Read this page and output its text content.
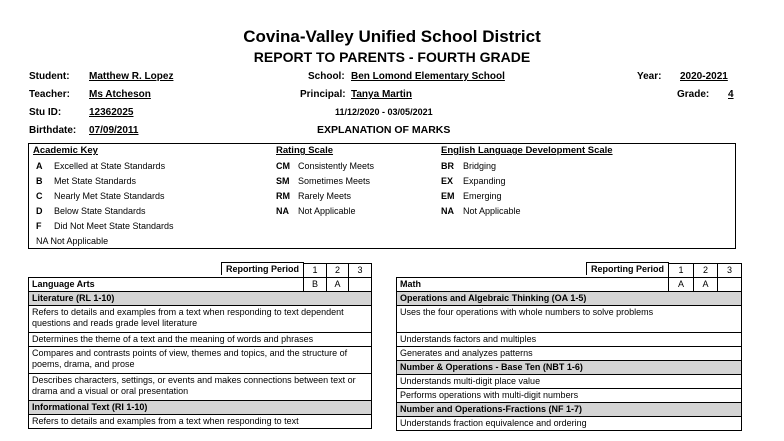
Covina-Valley Unified School District
REPORT TO PARENTS - FOURTH GRADE
Student: Matthew R. Lopez
Teacher: Ms Atcheson
Stu ID:	12362025
Birthdate: 07/09/2011
School: Ben Lomond Elementary School
Principal: Tanya Martin
11/12/2020 - 03/05/2021
EXPLANATION OF MARKS
Year: 2020-2021
Grade: 4
Academic Key
A Excelled at State Standards
B Met State Standards
C Nearly Met State Standards
D Below State Standards
F Did Not Meet State Standards
NA Not Applicable
Rating Scale
CM Consistently Meets
SM Sometimes Meets
RM Rarely Meets
NA Not Applicable
English Language Development Scale
BR Bridging
EX Expanding
EM Emerging
NA Not Applicable
Reporting Period	1	2	3
Language Arts	B	A	
Literature (RL 1-10)			
Refers to details and examples from a text when responding to text dependent questions and reads grade level literature			
Determines the theme of a text and the meaning of words and phrases			
Compares and contrasts points of view, themes and topics, and the structure of poems, drama, and prose			
Describes characters, settings, or events and makes connections between text or drama and a visual or oral presentation			
Informational Text (RI 1-10)			
Refers to details and examples from a text when responding to text			
Reporting Period	1	2	3
Math	A	A	
Operations and Algebraic Thinking (OA 1-5)			
Uses the four operations with whole numbers to solve problems			
Understands factors and multiples			
Generates and analyzes patterns			
Number & Operations - Base Ten (NBT 1-6)			
Understands multi-digit place value			
Performs operations with multi-digit numbers			
Number and Operations-Fractions (NF 1-7)			
Understands fraction equivalence and ordering			
